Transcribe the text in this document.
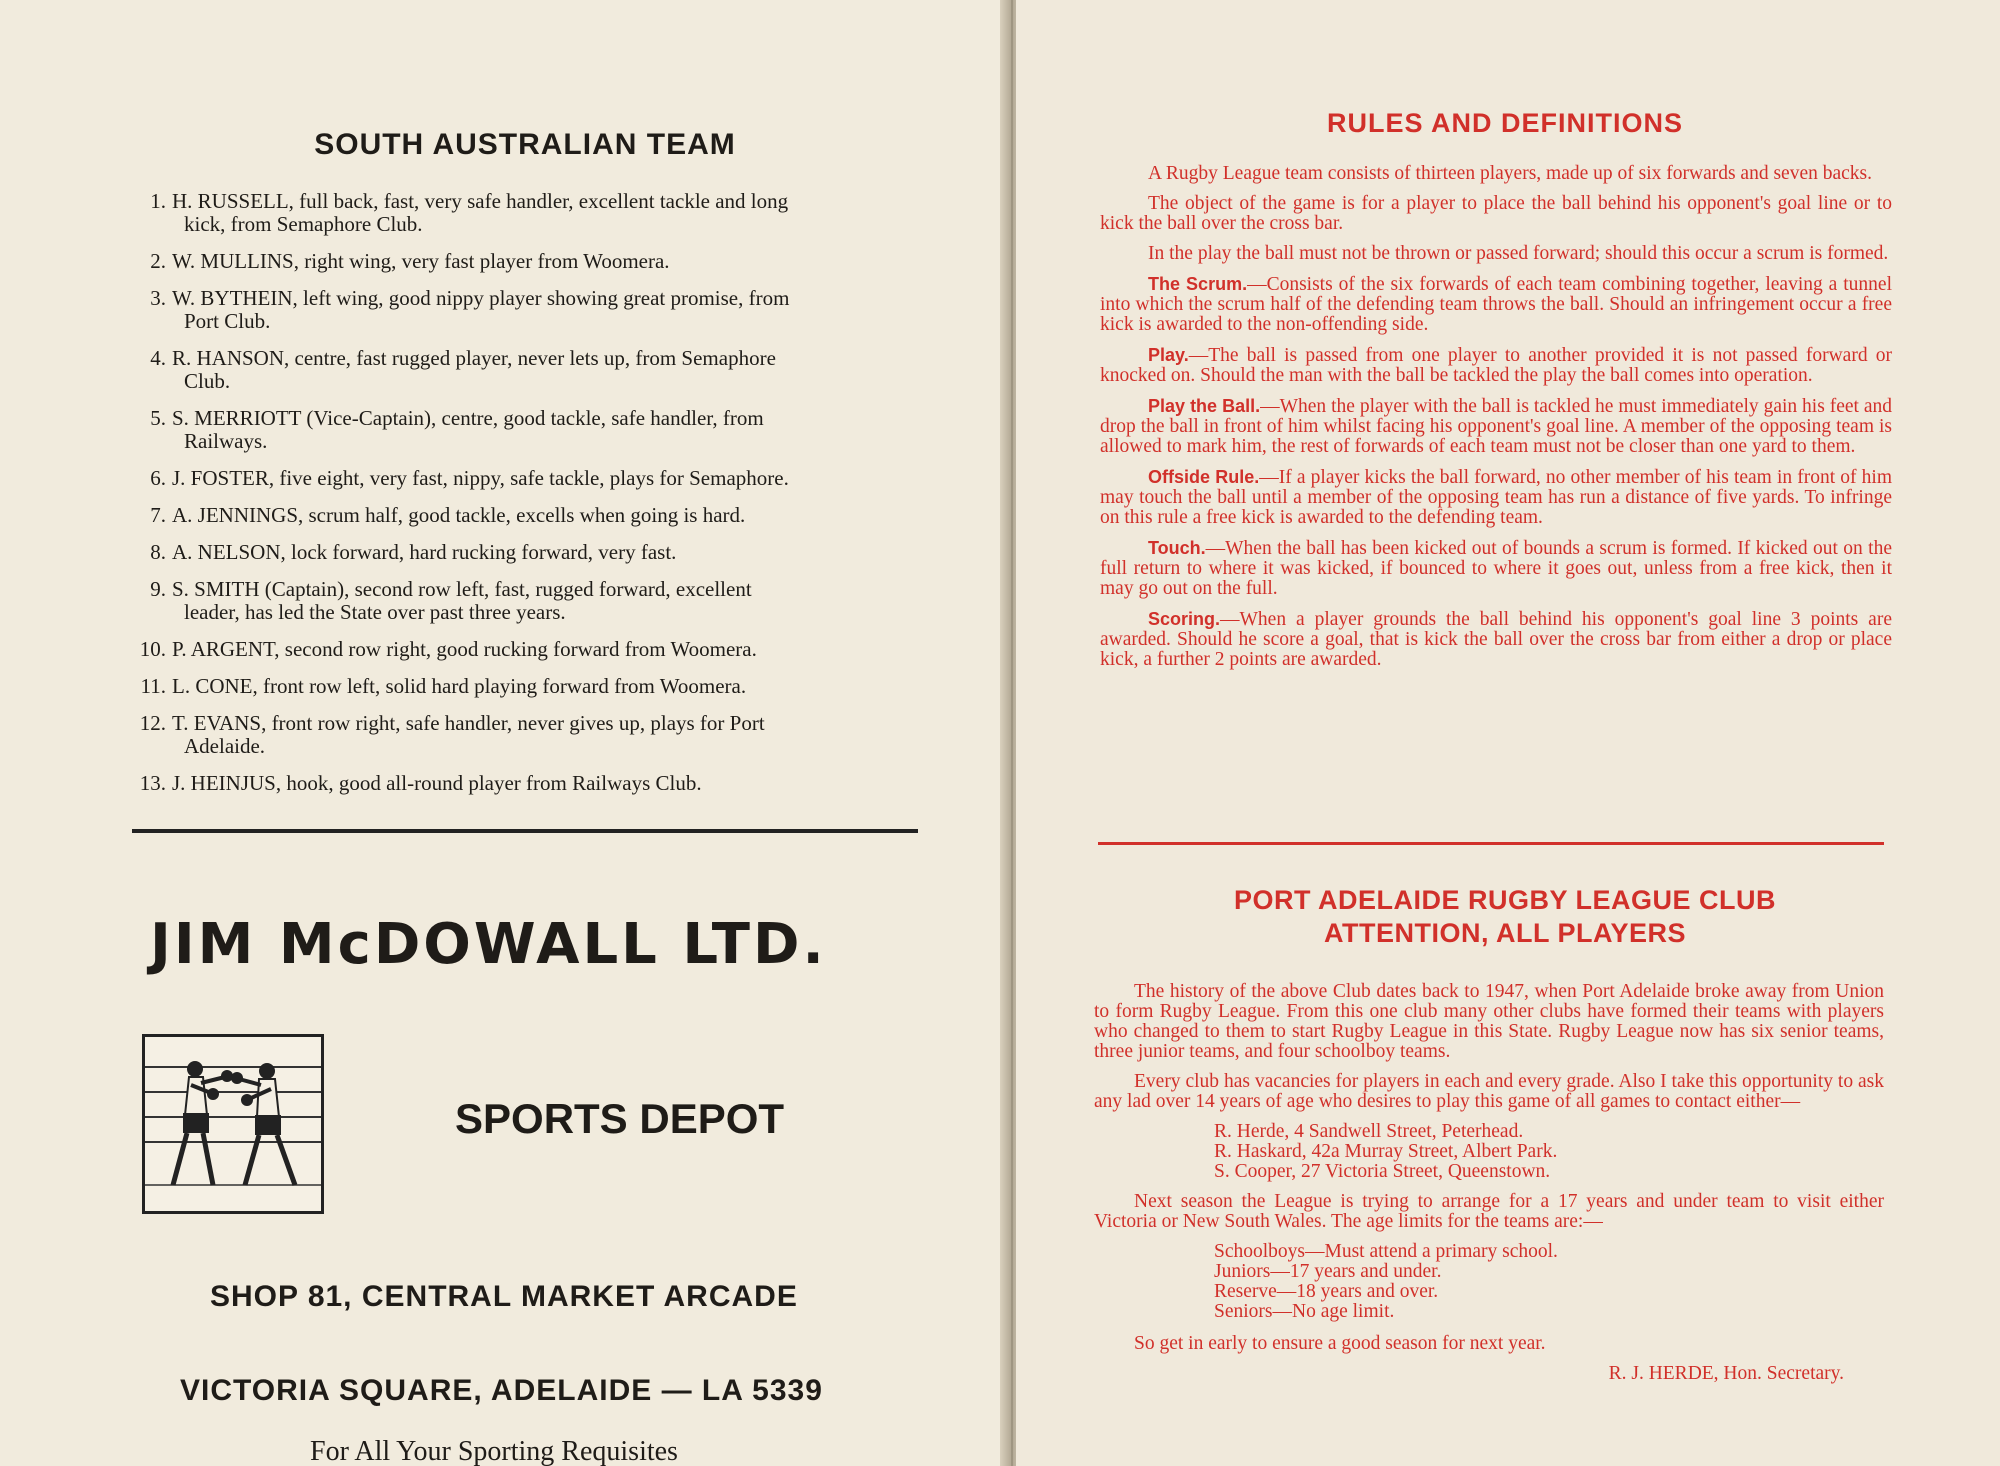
SOUTH AUSTRALIAN TEAM
1. H. RUSSELL, full back, fast, very safe handler, excellent tackle and long
kick, from Semaphore Club.
2. W. MULLINS, right wing, very fast player from Woomera.
3. W. BYTHEIN, left wing, good nippy player showing great promise, from
Port Club.
4. R. HANSON, centre, fast rugged player, never lets up, from Semaphore
Club.
5. S. MERRIOTT (Vice-Captain), centre, good tackle, safe handler, from
Railways.
6. J. FOSTER, five eight, very fast, nippy, safe tackle, plays for Semaphore.
7. A. JENNINGS, scrum half, good tackle, excells when going is hard.
8. A. NELSON, lock forward, hard rucking forward, very fast.
9. S. SMITH (Captain), second row left, fast, rugged forward, excellent
leader, has led the State over past three years.
10. P. ARGENT, second row right, good rucking forward from Woomera.
11. L. CONE, front row left, solid hard playing forward from Woomera.
12. T. EVANS, front row right, safe handler, never gives up, plays for Port
Adelaide.
13. J. HEINJUS, hook, good all-round player from Railways Club.
JIM McDOWALL LTD.
SPORTS DEPOT
SHOP 81, CENTRAL MARKET ARCADE
VICTORIA SQUARE, ADELAIDE — LA 5339
For All Your Sporting Requisites
RULES AND DEFINITIONS

A Rugby League team consists of thirteen players, made up of six forwards and seven backs.

The object of the game is for a player to place the ball behind his opponent's goal line or to kick the ball over the cross bar.

In the play the ball must not be thrown or passed forward; should this occur a scrum is formed.

The Scrum.—Consists of the six forwards of each team combining together, leaving a tunnel into which the scrum half of the defending team throws the ball. Should an infringement occur a free kick is awarded to the non-offending side.

Play.—The ball is passed from one player to another provided it is not passed forward or knocked on. Should the man with the ball be tackled the play the ball comes into operation.

Play the Ball.—When the player with the ball is tackled he must immediately gain his feet and drop the ball in front of him whilst facing his opponent's goal line. A member of the opposing team is allowed to mark him, the rest of forwards of each team must not be closer than one yard to them.

Offside Rule.—If a player kicks the ball forward, no other member of his team in front of him may touch the ball until a member of the opposing team has run a distance of five yards. To infringe on this rule a free kick is awarded to the defending team.

Touch.—When the ball has been kicked out of bounds a scrum is formed. If kicked out on the full return to where it was kicked, if bounced to where it goes out, unless from a free kick, then it may go out on the full.

Scoring.—When a player grounds the ball behind his opponent's goal line 3 points are awarded. Should he score a goal, that is kick the ball over the cross bar from either a drop or place kick, a further 2 points are awarded.

PORT ADELAIDE RUGBY LEAGUE CLUB
ATTENTION, ALL PLAYERS

The history of the above Club dates back to 1947, when Port Adelaide broke away from Union to form Rugby League. From this one club many other clubs have formed their teams with players who changed to them to start Rugby League in this State. Rugby League now has six senior teams, three junior teams, and four schoolboy teams.

Every club has vacancies for players in each and every grade. Also I take this opportunity to ask any lad over 14 years of age who desires to play this game of all games to contact either—

R. Herde, 4 Sandwell Street, Peterhead.

R. Haskard, 42a Murray Street, Albert Park.

S. Cooper, 27 Victoria Street, Queenstown.

Next season the League is trying to arrange for a 17 years and under team to visit either Victoria or New South Wales. The age limits for the teams are:—

Schoolboys—Must attend a primary school.

Juniors—17 years and under.

Reserve—18 years and over.

Seniors—No age limit.

So get in early to ensure a good season for next year.

R. J. HERDE, Hon. Secretary.
